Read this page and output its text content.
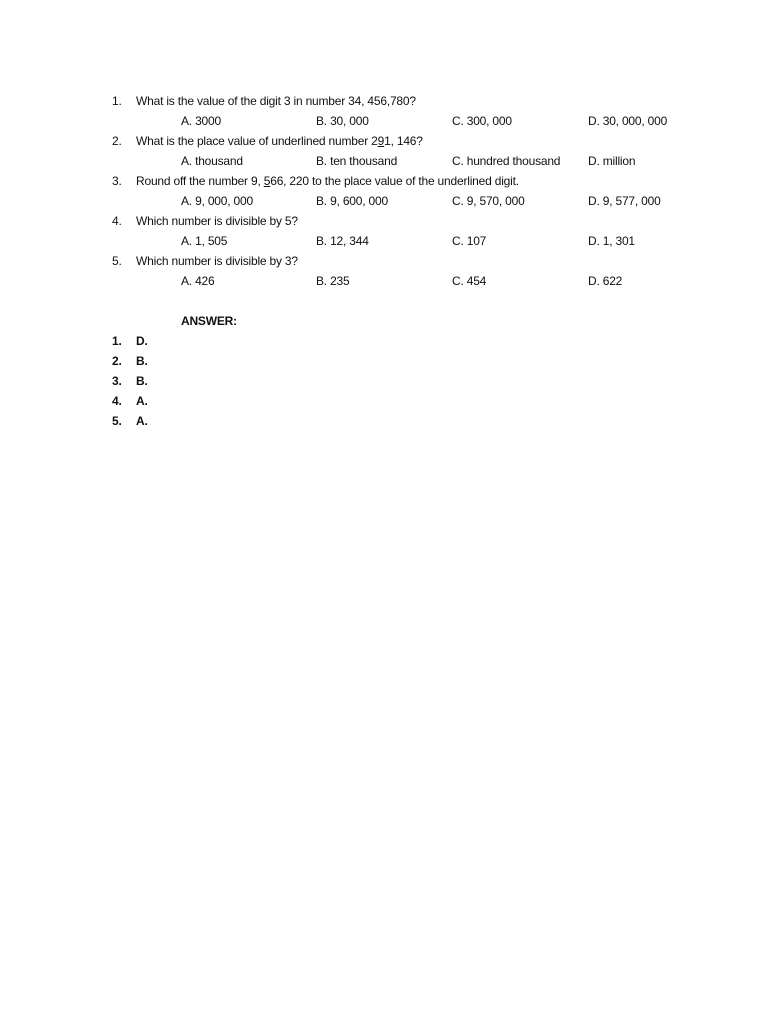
1.	What is the value of the digit 3 in number 34, 456,780?
A. 3000	B. 30, 000	C. 300, 000	D. 30, 000, 000
2.	What is the place value of underlined number 291, 146?
A. thousand	B. ten thousand	C. hundred thousand D. million
3.	Round off the number 9, 566, 220 to the place value of the underlined digit.
A. 9, 000, 000	B. 9, 600, 000	C. 9, 570, 000	D. 9, 577, 000
4.	Which number is divisible by 5?
A. 1, 505	B. 12, 344	C. 107	D. 1, 301
5.	Which number is divisible by 3?
A. 426	B. 235	C. 454	D. 622
ANSWER:
1. D.
2. B.
3. B.
4. A.
5. A.
